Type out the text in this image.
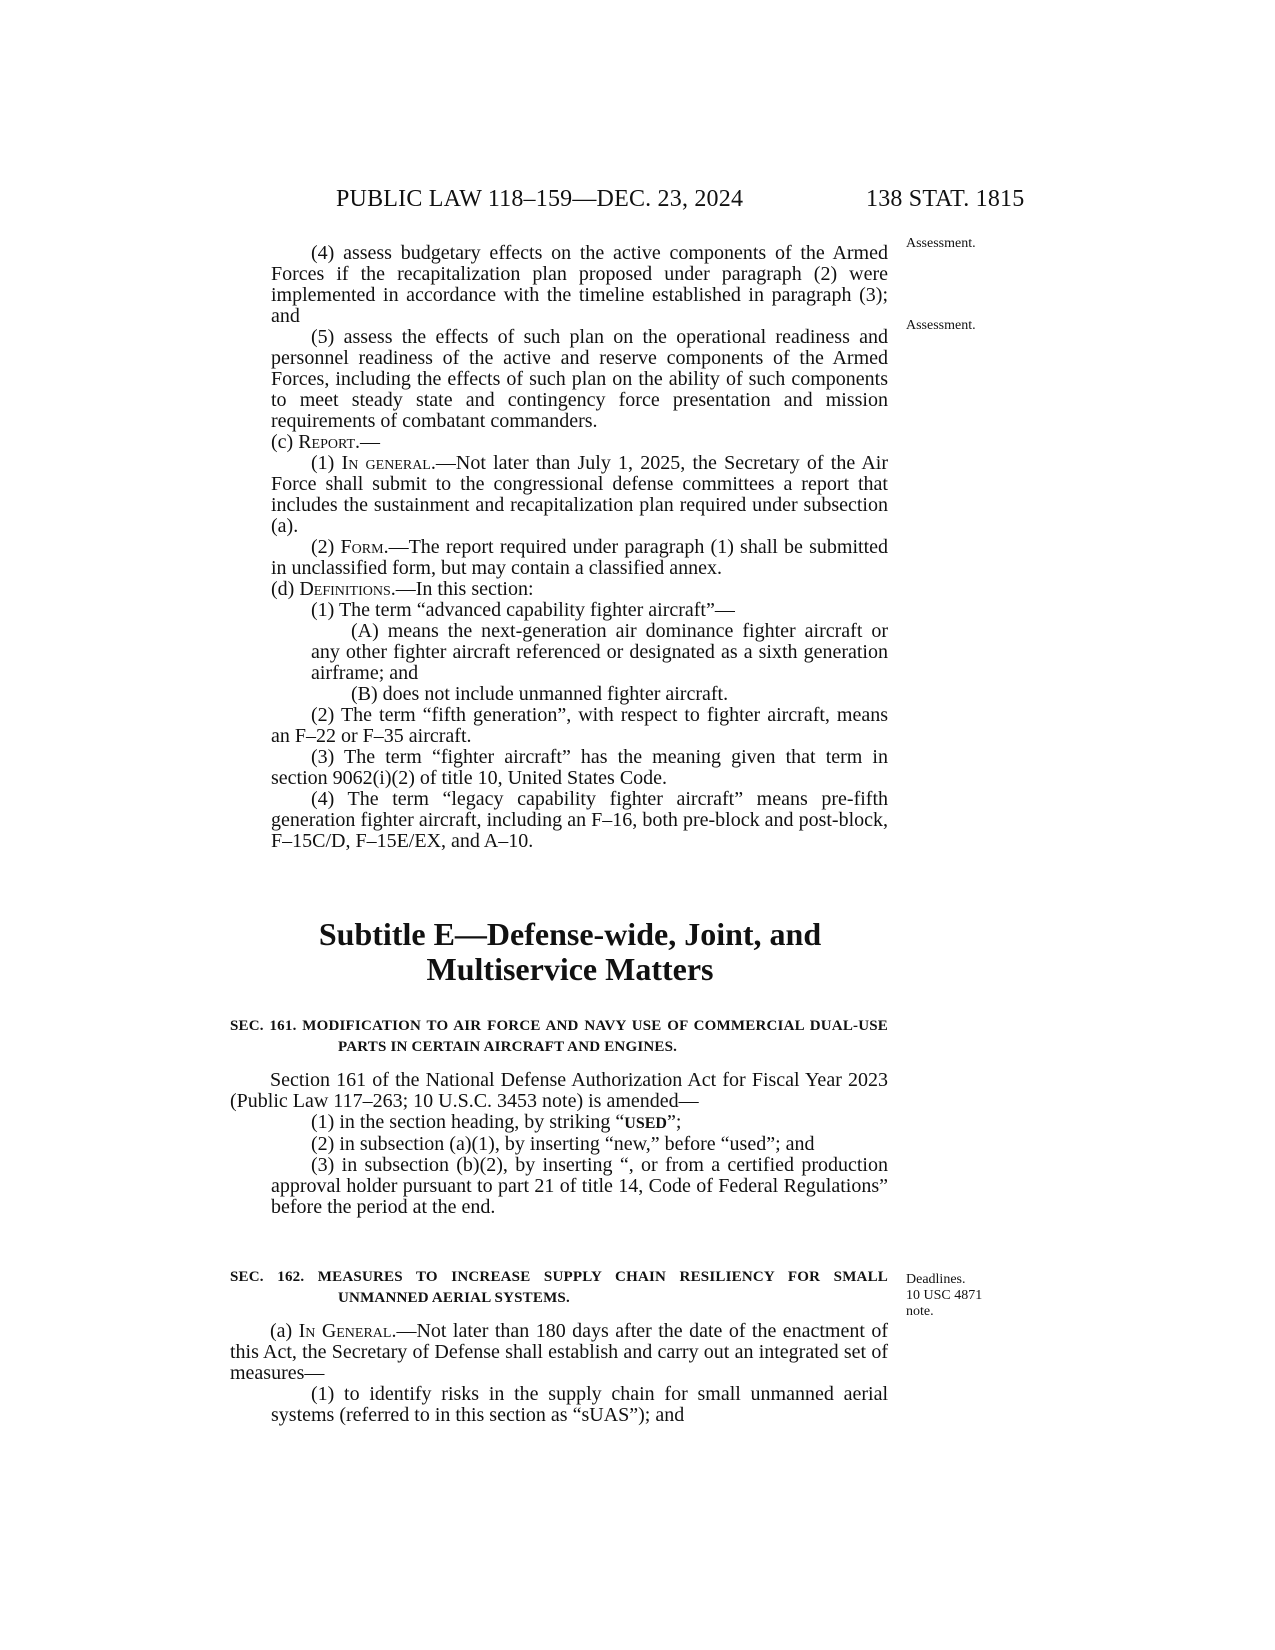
PUBLIC LAW 118–159—DEC. 23, 2024	138 STAT. 1815
Assessment.
Assessment.

(4) assess budgetary effects on the active components of the Armed Forces if the recapitalization plan proposed under paragraph (2) were implemented in accordance with the timeline established in paragraph (3); and

(5) assess the effects of such plan on the operational readiness and personnel readiness of the active and reserve components of the Armed Forces, including the effects of such plan on the ability of such components to meet steady state and contingency force presentation and mission requirements of combatant commanders.

(c) Report.—

(1) In general.—Not later than July 1, 2025, the Secretary of the Air Force shall submit to the congressional defense committees a report that includes the sustainment and recapitalization plan required under subsection (a).

(2) Form.—The report required under paragraph (1) shall be submitted in unclassified form, but may contain a classified annex.

(d) Definitions.—In this section:

(1) The term “advanced capability fighter aircraft”—

(A) means the next-generation air dominance fighter aircraft or any other fighter aircraft referenced or designated as a sixth generation airframe; and

(B) does not include unmanned fighter aircraft.

(2) The term “fifth generation”, with respect to fighter aircraft, means an F–22 or F–35 aircraft.

(3) The term “fighter aircraft” has the meaning given that term in section 9062(i)(2) of title 10, United States Code.

(4) The term “legacy capability fighter aircraft” means pre-fifth generation fighter aircraft, including an F–16, both pre-block and post-block, F–15C/D, F–15E/EX, and A–10.

Subtitle E—Defense-wide, Joint, and
Multiservice Matters

SEC. 161. MODIFICATION TO AIR FORCE AND NAVY USE OF COMMERCIAL DUAL-USE PARTS IN CERTAIN AIRCRAFT AND ENGINES.

Section 161 of the National Defense Authorization Act for Fiscal Year 2023 (Public Law 117–263; 10 U.S.C. 3453 note) is amended—

(1) in the section heading, by striking “USED”;

(2) in subsection (a)(1), by inserting “new,” before “used”; and

(3) in subsection (b)(2), by inserting “, or from a certified production approval holder pursuant to part 21 of title 14, Code of Federal Regulations” before the period at the end.

Deadlines.
10 USC 4871
note.

SEC. 162. MEASURES TO INCREASE SUPPLY CHAIN RESILIENCY FOR SMALL UNMANNED AERIAL SYSTEMS.

(a) In General.—Not later than 180 days after the date of the enactment of this Act, the Secretary of Defense shall establish and carry out an integrated set of measures—

(1) to identify risks in the supply chain for small unmanned aerial systems (referred to in this section as “sUAS”); and
